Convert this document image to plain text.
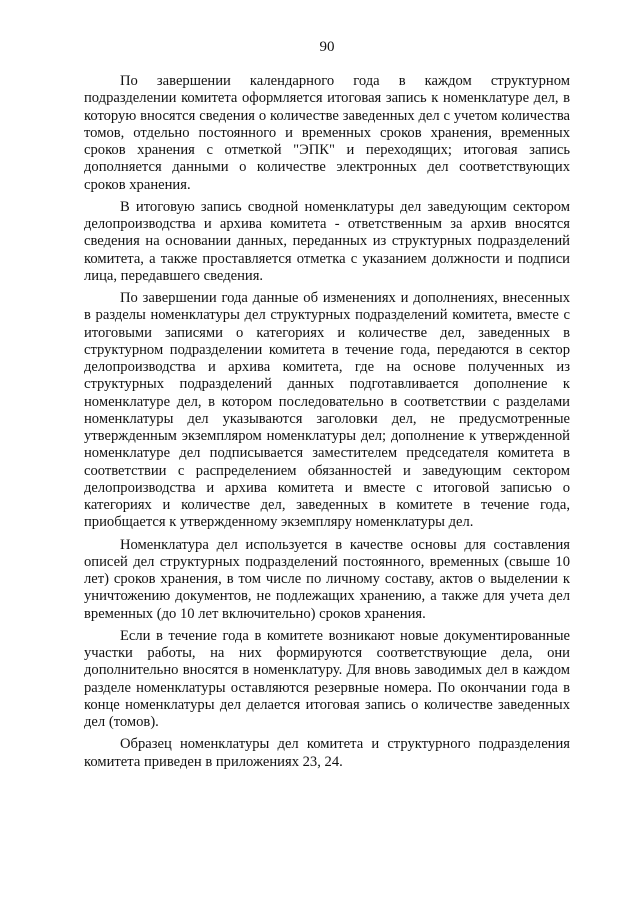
90

По завершении календарного года в каждом структурном подразделении комитета оформляется итоговая запись к номенклатуре дел, в которую вносятся сведения о количестве заведенных дел с учетом количества томов, отдельно постоянного и временных сроков хранения, временных сроков хранения с отметкой "ЭПК" и переходящих; итоговая запись дополняется данными о количестве электронных дел соответствующих сроков хранения.

В итоговую запись сводной номенклатуры дел заведующим сектором делопроизводства и архива комитета - ответственным за архив вносятся сведения на основании данных, переданных из структурных подразделений комитета, а также проставляется отметка с указанием должности и подписи лица, передавшего сведения.

По завершении года данные об изменениях и дополнениях, внесенных в разделы номенклатуры дел структурных подразделений комитета, вместе с итоговыми записями о категориях и количестве дел, заведенных в структурном подразделении комитета в течение года, передаются в сектор делопроизводства и архива комитета, где на основе полученных из структурных подразделений данных подготавливается дополнение к номенклатуре дел, в котором последовательно в соответствии с разделами номенклатуры дел указываются заголовки дел, не предусмотренные утвержденным экземпляром номенклатуры дел; дополнение к утвержденной номенклатуре дел подписывается заместителем председателя комитета в соответствии с распределением обязанностей и заведующим сектором делопроизводства и архива комитета и вместе с итоговой записью о категориях и количестве дел, заведенных в комитете в течение года, приобщается к утвержденному экземпляру номенклатуры дел.

Номенклатура дел используется в качестве основы для составления описей дел структурных подразделений постоянного, временных (свыше 10 лет) сроков хранения, в том числе по личному составу, актов о выделении к уничтожению документов, не подлежащих хранению, а также для учета дел временных (до 10 лет включительно) сроков хранения.

Если в течение года в комитете возникают новые документированные участки работы, на них формируются соответствующие дела, они дополнительно вносятся в номенклатуру. Для вновь заводимых дел в каждом разделе номенклатуры оставляются резервные номера. По окончании года в конце номенклатуры дел делается итоговая запись о количестве заведенных дел (томов).

Образец номенклатуры дел комитета и структурного подразделения комитета приведен в приложениях 23, 24.
